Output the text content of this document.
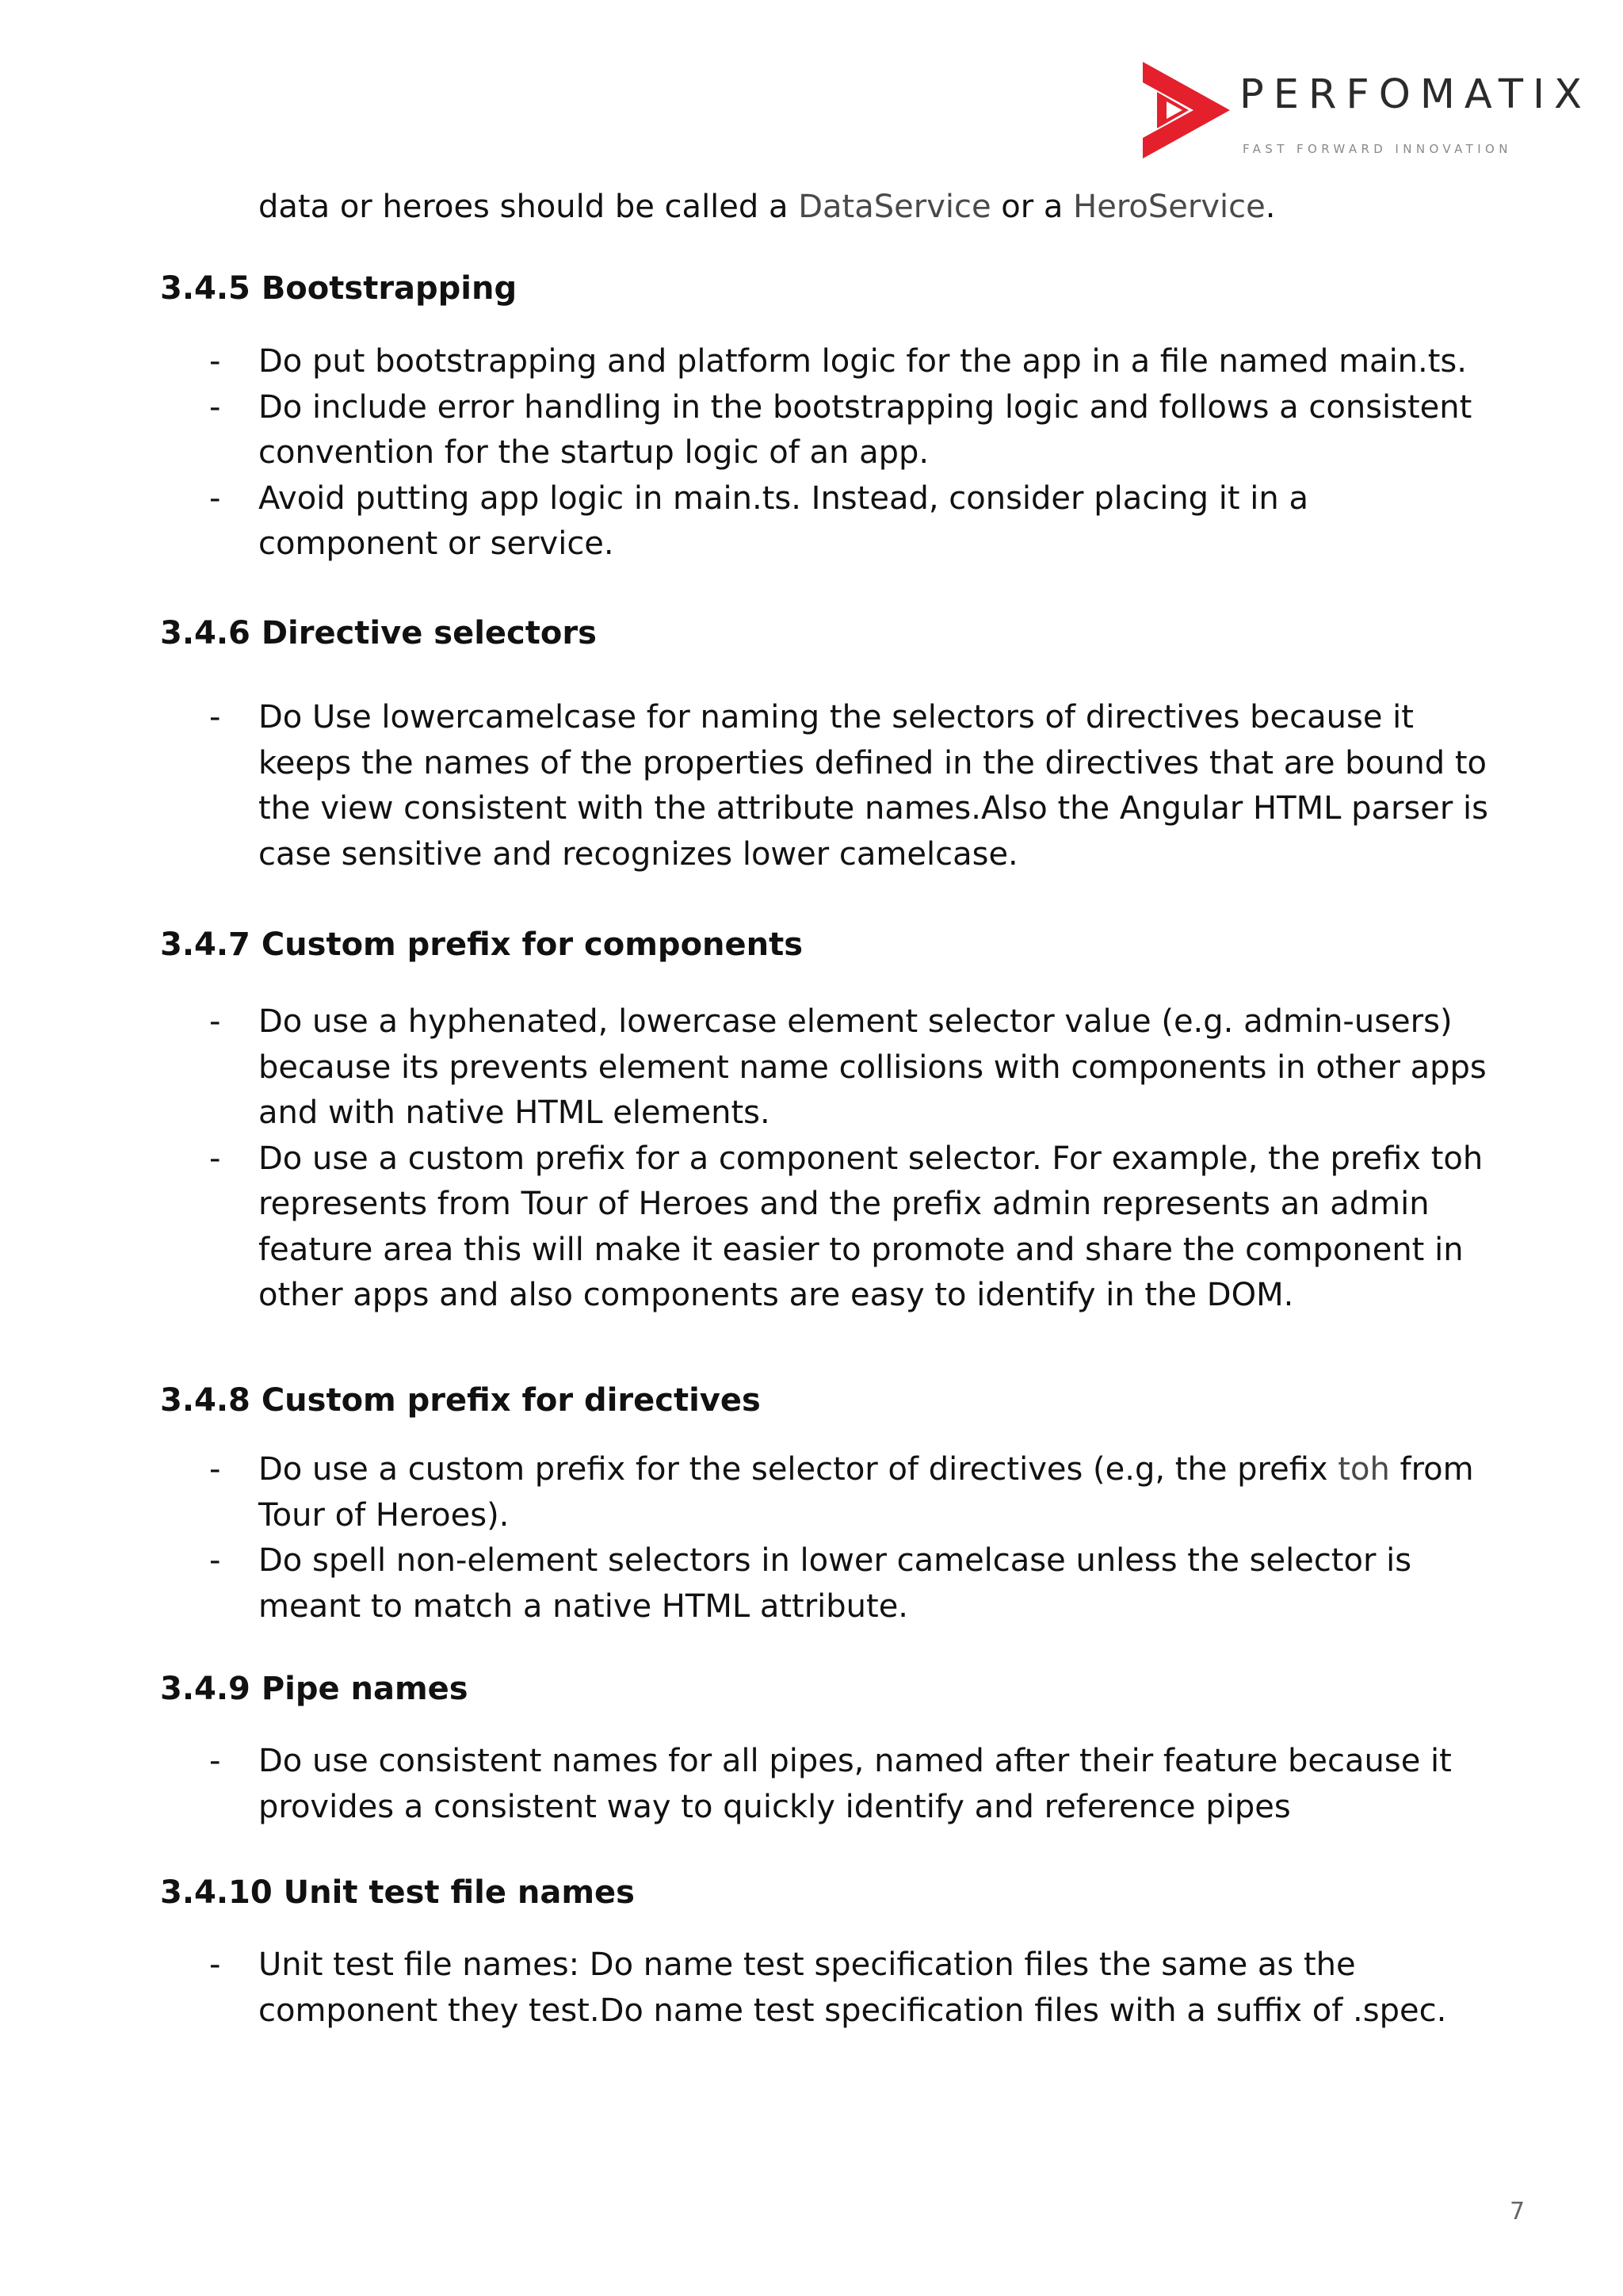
PERFOMATIX
FAST FORWARD INNOVATION
data or heroes should be called a DataService or a HeroService.
3.4.5 Bootstrapping
- Do put bootstrapping and platform logic for the app in a file named main.ts.
- Do include error handling in the bootstrapping logic and follows a consistent convention for the startup logic of an app.
- Avoid putting app logic in main.ts. Instead, consider placing it in a component or service.
3.4.6 Directive selectors
- Do Use lowercamelcase for naming the selectors of directives because it keeps the names of the properties defined in the directives that are bound to the view consistent with the attribute names.Also the Angular HTML parser is case sensitive and recognizes lower camelcase.
3.4.7 Custom prefix for components
- Do use a hyphenated, lowercase element selector value (e.g. admin-users) because its prevents element name collisions with components in other apps and with native HTML elements.
- Do use a custom prefix for a component selector. For example, the prefix toh represents from Tour of Heroes and the prefix admin represents an admin feature area this will make it easier to promote and share the component in other apps and also components are easy to identify in the DOM.
3.4.8 Custom prefix for directives
- Do use a custom prefix for the selector of directives (e.g, the prefix toh from Tour of Heroes).
- Do spell non-element selectors in lower camelcase unless the selector is meant to match a native HTML attribute.
3.4.9 Pipe names
- Do use consistent names for all pipes, named after their feature because it provides a consistent way to quickly identify and reference pipes
3.4.10 Unit test file names
- Unit test file names: Do name test specification files the same as the component they test.Do name test specification files with a suffix of .spec.
7
